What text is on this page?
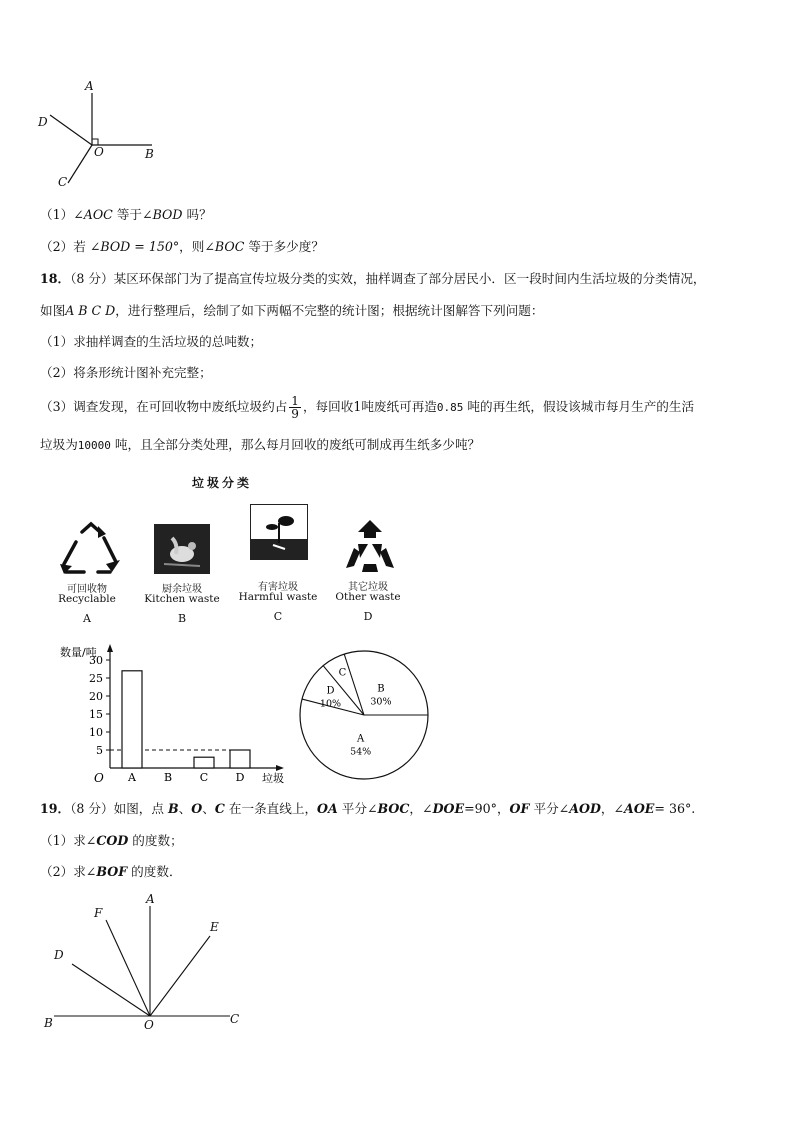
A
D
O	B
C
（1）∠AOC 等于∠BOD 吗？
（2）若 ∠BOD = 150°，则∠BOC 等于多少度？
18．（8 分）某区环保部门为了提高宣传垃圾分类的实效，抽样调查了部分居民小．区一段时间内生活垃圾的分类情况，
如图A B C D，进行整理后，绘制了如下两幅不完整的统计图；根据统计图解答下列问题：
（1）求抽样调查的生活垃圾的总吨数；
（2）将条形统计图补充完整；
（3）调查发现，在可回收物中废纸垃圾约占 $\frac{1}{9}$ ，每回收1吨废纸可再造0.85 吨的再生纸，假设该城市每月生产的生活
垃圾为10000 吨，且全部分类处理，那么每月回收的废纸可制成再生纸多少吨？
垃圾分类
可回收物
Recyclable
A
厨余垃圾
Kitchen waste
B
有害垃圾
Harmful waste
C
其它垃圾
Other waste
D
5
10
15
20
25
30
O
数量/吨
垃圾
A	B	C D
A
54%
D
10%
C
B
30%
19．（8 分）如图，点 B、O、C 在一条直线上，OA 平分∠BOC，∠DOE=90°，OF 平分∠AOD，∠AOE= 36°.
（1）求∠COD 的度数；
（2）求∠BOF 的度数．
A
F
E
D
B	O	C
